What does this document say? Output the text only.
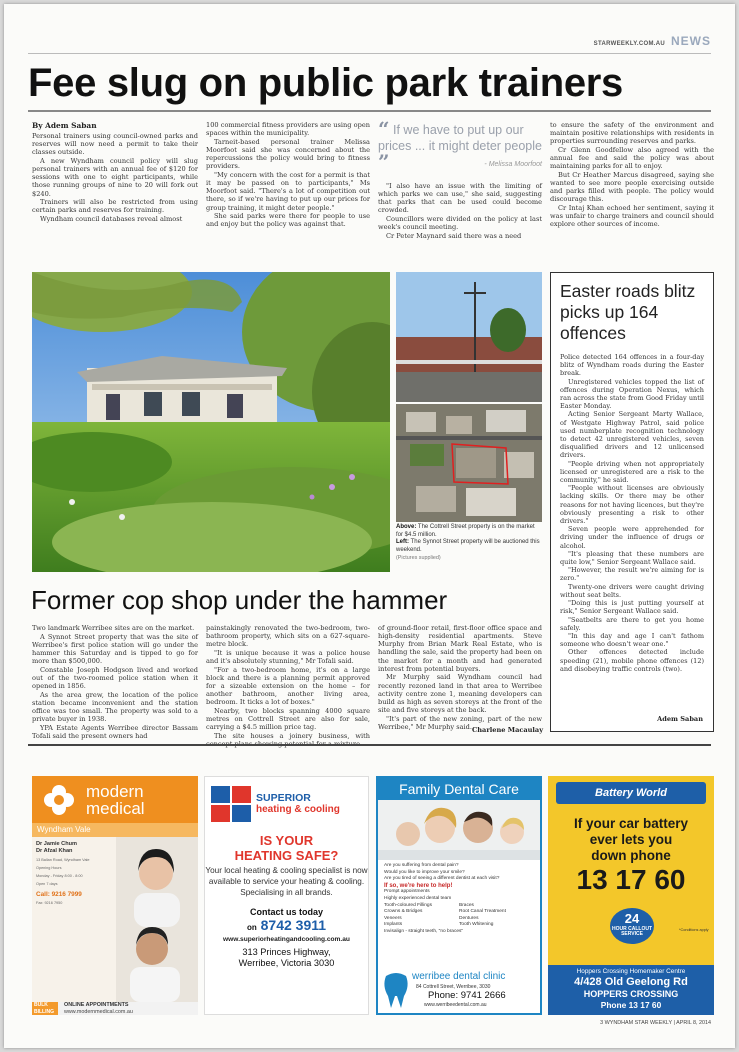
STARWEEKLY.COM.AU NEWS
Fee slug on public park trainers
By Adem Saban

Personal trainers using council-owned parks and reserves will now need a permit to take their classes outside.

A new Wyndham council policy will slug personal trainers with an annual fee of $120 for sessions with one to eight participants, while those running groups of nine to 20 will fork out $240.

Trainers will also be restricted from using certain parks and reserves for training.

Wyndham council databases reveal almost

100 commercial fitness providers are using open spaces within the municipality.

Tarneit-based personal trainer Melissa Moorfoot said she was concerned about the repercussions the policy would bring to fitness providers.

"My concern with the cost for a permit is that it may be passed on to participants," Ms Moorfoot said. "There's a lot of competition out there, so if we're having to put up our prices for group training, it might deter people."

She said parks were there for people to use and enjoy but the policy was against that.

“ If we have to put up our prices ... it might deter people ”	- Melissa Moorfoot

"I also have an issue with the limiting of which parks we can use," she said, suggesting that parks that can be used could become crowded.

Councillors were divided on the policy at last week's council meeting.

Cr Peter Maynard said there was a need

to ensure the safety of the environment and maintain positive relationships with residents in properties surrounding reserves and parks.

Cr Glenn Goodfellow also agreed with the annual fee and said the policy was about maintaining parks for all to enjoy.

But Cr Heather Marcus disagreed, saying she wanted to see more people exercising outside and parks filled with people. The policy would discourage this.

Cr Intaj Khan echoed her sentiment, saying it was unfair to charge trainers and council should explore other sources of income.

Above: The Cottrell Street property is on the market for $4.5 million.
Left: The Synnot Street property will be auctioned this weekend.
(Pictures supplied)
Easter roads blitz picks up 164 offences

Police detected 164 offences in a four-day blitz of Wyndham roads during the Easter break.

Unregistered vehicles topped the list of offences during Operation Nexus, which ran across the state from Good Friday until Easter Monday.

Acting Senior Sergeant Marty Wallace, of Westgate Highway Patrol, said police used numberplate recognition technology to detect 42 unregistered vehicles, seven disqualified drivers and 12 unlicensed drivers.

"People driving when not appropriately licensed or unregistered are a risk to the community," he said.

"People without licenses are obviously lacking skills. Or there may be other reasons for not having licences, but they're obviously presenting a risk to other drivers."

Seven people were apprehended for driving under the influence of drugs or alcohol.

"It's pleasing that these numbers are quite low," Senior Sergeant Wallace said.

"However, the result we're aiming for is zero."

Twenty-one drivers were caught driving without seat belts.

"Doing this is just putting yourself at risk," Senior Sergeant Wallace said.

"Seatbelts are there to get you home safely.

"In this day and age I can't fathom someone who doesn't wear one."

Other offences detected include speeding (21), mobile phone offences (12) and disobeying traffic controls (two).

Adem Saban
Former cop shop under the hammer

Two landmark Werribee sites are on the market.

A Synnot Street property that was the site of Werribee's first police station will go under the hammer this Saturday and is tipped to go for more than $500,000.

Constable Joseph Hodgson lived and worked out of the two-roomed police station when it opened in 1856.

As the area grew, the location of the police station became inconvenient and the station office was too small. The property was sold to a private buyer in 1938.

YPA Estate Agents Werribee director Bassam Tofali said the present owners had

painstakingly renovated the two-bedroom, two-bathroom property, which sits on a 627-square-metre block.

"It is unique because it was a police house and it's absolutely stunning," Mr Tofali said.

"For a two-bedroom home, it's on a large block and there is a planning permit approved for a sizeable extension on the home – for another bathroom, another living area, bedroom. It ticks a lot of boxes."

Nearby, two blocks spanning 4000 square metres on Cottrell Street are also for sale, carrying a $4.5 million price tag.

The site houses a joinery business, with

of ground-floor retail, first-floor office space and high-density residential apartments. Steve Murphy from Brian Mark Real Estate, who is handling the sale, said the property had been on the market for a month and had generated interest from potential buyers.

Mr Murphy said Wyndham council had recently rezoned land in that area to Werribee activity centre zone 1, meaning developers can build as high as seven storeys at the front of the site and five storeys at the back.

"It's part of the new zoning, part of the new Werribee," Mr Murphy said. Charlene Macaulay
modern
medical
Wyndham Vale
Dr Jamie Chum
Dr Afzal Khan
13 Ballan Road, Wyndham Vale
Opening Hours
Monday - Friday 8:00 - 8:00
Open 7 days
Call: 9216 7999
Fax: 9216 7950
BULK BILLING
ONLINE APPOINTMENTS
www.modernmedical.com.au
SUPERIOR
heating & cooling
IS YOUR
HEATING SAFE?
Your local heating & cooling specialist is now available to service your heating & cooling. Specialising in all brands.
Contact us today
on 8742 3911
www.superiorheatingandcooling.com.au
313 Princes Highway,
Werribee, Victoria 3030
Family Dental Care
Are you suffering from dental pain?
Would you like to improve your smile?
Are you tired of seeing a different dentist at each visit?
If so, we're here to help!
Prompt appointments
Highly experienced dental team
Tooth-coloured Fillings
Crowns & Bridges
Veneers
Implants
Braces
Root Canal Treatment
Dentures
Tooth Whitening
Invisalign - straight teeth, "no braces"
werribee dental clinic
84 Cottrell Street, Werribee, 3030
Phone: 9741 2666
www.werribeedental.com.au
Battery World
If your car battery
ever lets you
down phone
13 17 60
24
HOUR CALLOUT SERVICE
*Conditions apply
Hoppers Crossing Homemaker Centre
4/428 Old Geelong Rd
HOPPERS CROSSING
Phone 13 17 60
3 WYNDHAM STAR WEEKLY | APRIL 8, 2014
